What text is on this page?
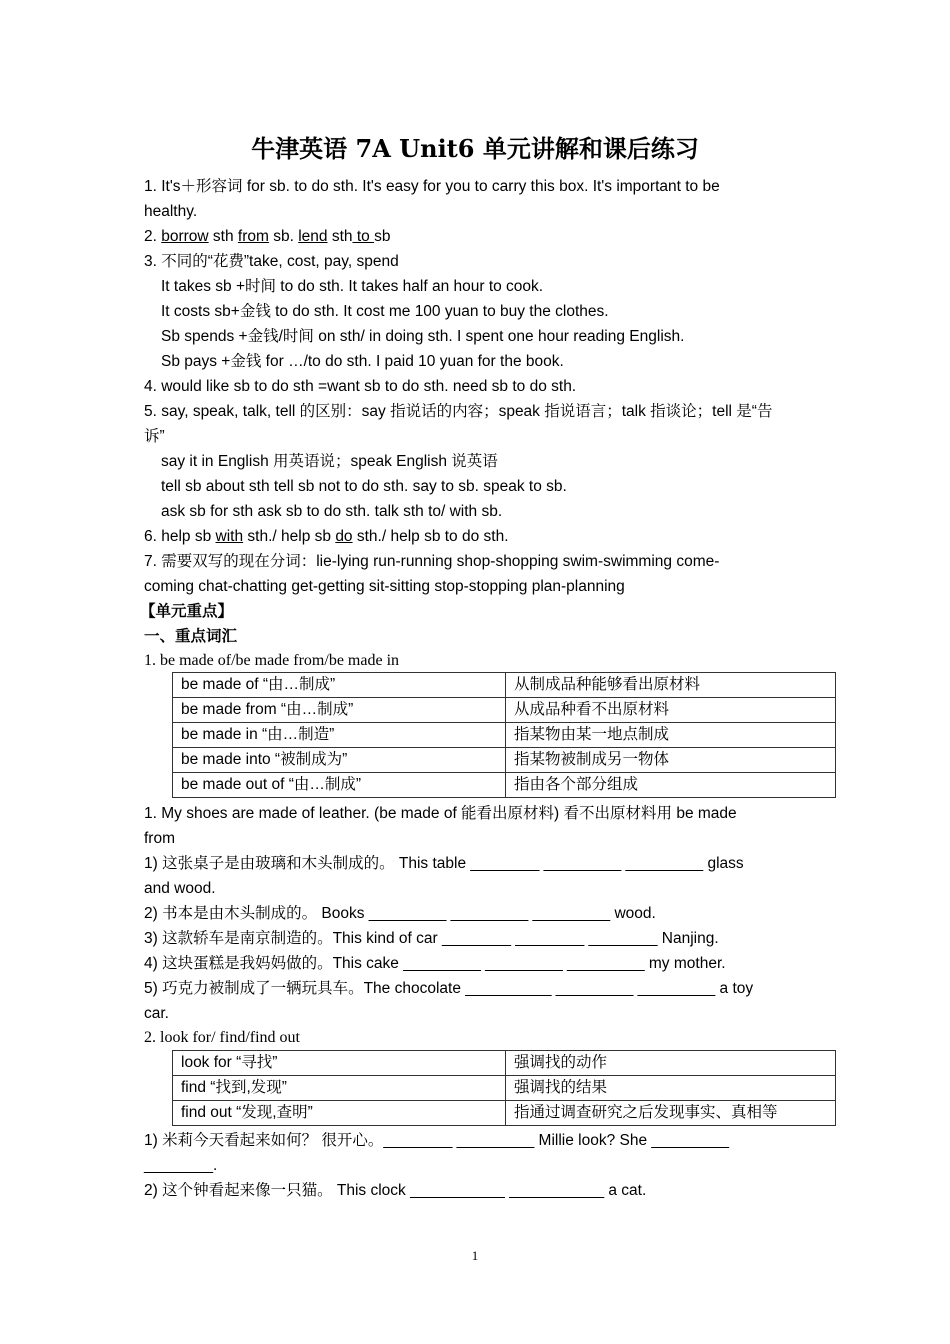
牛津英语 7A Unit6 单元讲解和课后练习
1. It's＋形容词 for sb. to do sth. It's easy for you to carry this box. It's important to be
healthy.
2. borrow sth from sb. lend sth to sb
3. 不同的“花费”take, cost, pay, spend
It takes sb +时间 to do sth. It takes half an hour to cook.
It costs sb+金钱 to do sth. It cost me 100 yuan to buy the clothes.
Sb spends +金钱/时间 on sth/ in doing sth. I spent one hour reading English.
Sb pays +金钱 for …/to do sth. I paid 10 yuan for the book.
4. would like sb to do sth =want sb to do sth. need sb to do sth.
5. say, speak, talk, tell 的区别：say 指说话的内容；speak 指说语言；talk 指谈论；tell 是“告
诉”
say it in English 用英语说；speak English 说英语
tell sb about sth tell sb not to do sth. say to sb. speak to sb.
ask sb for sth ask sb to do sth. talk sth to/ with sb.
6. help sb with sth./ help sb do sth./ help sb to do sth.
7. 需要双写的现在分词：lie-lying run-running shop-shopping swim-swimming come-
coming chat-chatting get-getting sit-sitting stop-stopping plan-planning
【单元重点】
一、重点词汇
1. be made of/be made from/be made in
be made of “由…制成”	从制成品种能够看出原材料
be made from “由…制成”	从成品种看不出原材料
be made in “由…制造”	指某物由某一地点制成
be made into “被制成为”	指某物被制成另一物体
be made out of “由…制成”	指由各个部分组成
1. My shoes are made of leather. (be made of 能看出原材料) 看不出原材料用 be made
from
1) 这张桌子是由玻璃和木头制成的。 This table ________ _________ _________ glass
and wood.
2) 书本是由木头制成的。 Books _________ _________ _________ wood.
3) 这款轿车是南京制造的。This kind of car ________ ________ ________ Nanjing.
4) 这块蛋糕是我妈妈做的。This cake _________ _________ _________ my mother.
5) 巧克力被制成了一辆玩具车。The chocolate __________ _________ _________ a toy
car.
2. look for/ find/find out
look for “寻找”	强调找的动作
find “找到,发现”	强调找的结果
find out “发现,查明”	指通过调查研究之后发现事实、真相等
1) 米莉今天看起来如何？ 很开心。________ _________ Millie look? She _________
________.
2) 这个钟看起来像一只猫。 This clock ___________ ___________ a cat.
1
